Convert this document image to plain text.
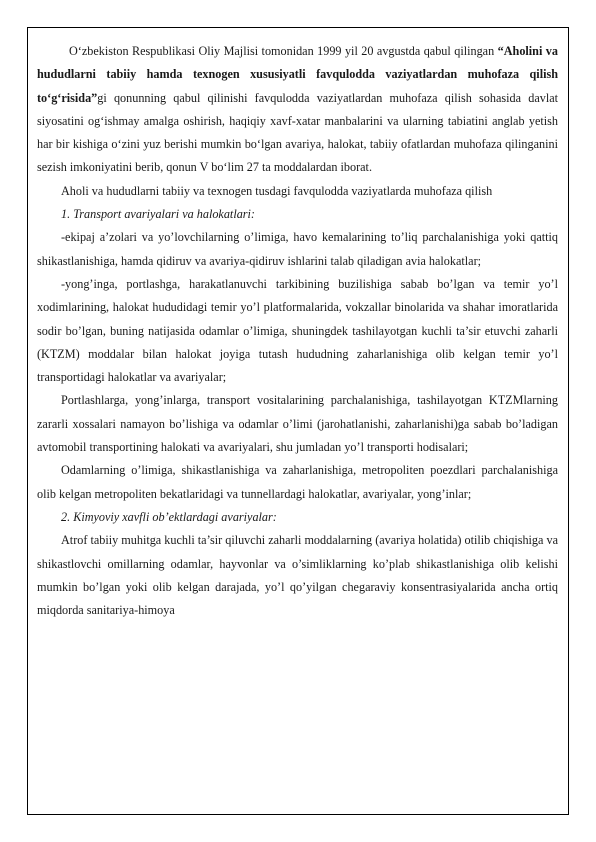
O‘zbekiston Respublikasi Oliy Majlisi tomonidan 1999 yil 20 avgustda qabul qilingan “Aholini va hududlarni tabiiy hamda texnogen xususiyatli favqulodda vaziyatlardan muhofaza qilish to‘g‘risida”gi qonunning qabul qilinishi favqulodda vaziyatlardan muhofaza qilish sohasida davlat siyosatini og‘ishmay amalga oshirish, haqiqiy xavf-xatar manbalarini va ularning tabiatini anglab yetish har bir kishiga o‘zini yuz berishi mumkin bo‘lgan avariya, halokat, tabiiy ofatlardan muhofaza qilinganini sezish imkoniyatini berib, qonun V bo‘lim 27 ta moddalardan iborat.

Aholi va hududlarni tabiiy va texnogen tusdagi favqulodda vaziyatlarda muhofaza qilish

1. Transport avariyalari va halokatlari:

-ekipaj a’zolari va yo’lovchilarning o’limiga, havo kemalarining to’liq parchalanishiga yoki qattiq shikastlanishiga, hamda qidiruv va avariya-qidiruv ishlarini talab qiladigan avia halokatlar;

-yong’inga, portlashga, harakatlanuvchi tarkibining buzilishiga sabab bo’lgan va temir yo’l xodimlarining, halokat hududidagi temir yo’l platformalarida, vokzallar binolarida va shahar imoratlarida sodir bo’lgan, buning natijasida odamlar o’limiga, shuningdek tashilayotgan kuchli ta’sir etuvchi zaharli (KTZM) moddalar bilan halokat joyiga tutash hududning zaharlanishiga olib kelgan temir yo’l transportidagi halokatlar va avariyalar;

Portlashlarga, yong’inlarga, transport vositalarining parchalanishiga, tashilayotgan KTZMlarning zararli xossalari namayon bo’lishiga va odamlar o’limi (jarohatlanishi, zaharlanishi)ga sabab bo’ladigan avtomobil transportining halokati va avariyalari, shu jumladan yo’l transporti hodisalari;

Odamlarning o’limiga, shikastlanishiga va zaharlanishiga, metropoliten poezdlari parchalanishiga olib kelgan metropoliten bekatlaridagi va tunnellardagi halokatlar, avariyalar, yong’inlar;

2. Kimyoviy xavfli ob’ektlardagi avariyalar:

Atrof tabiiy muhitga kuchli ta’sir qiluvchi zaharli moddalarning (avariya holatida) otilib chiqishiga va shikastlovchi omillarning odamlar, hayvonlar va o’simliklarning ko’plab shikastlanishiga olib kelishi mumkin bo’lgan yoki olib kelgan darajada, yo’l qo’yilgan chegaraviy konsentrasiyalarida ancha ortiq miqdorda sanitariya-himoya
